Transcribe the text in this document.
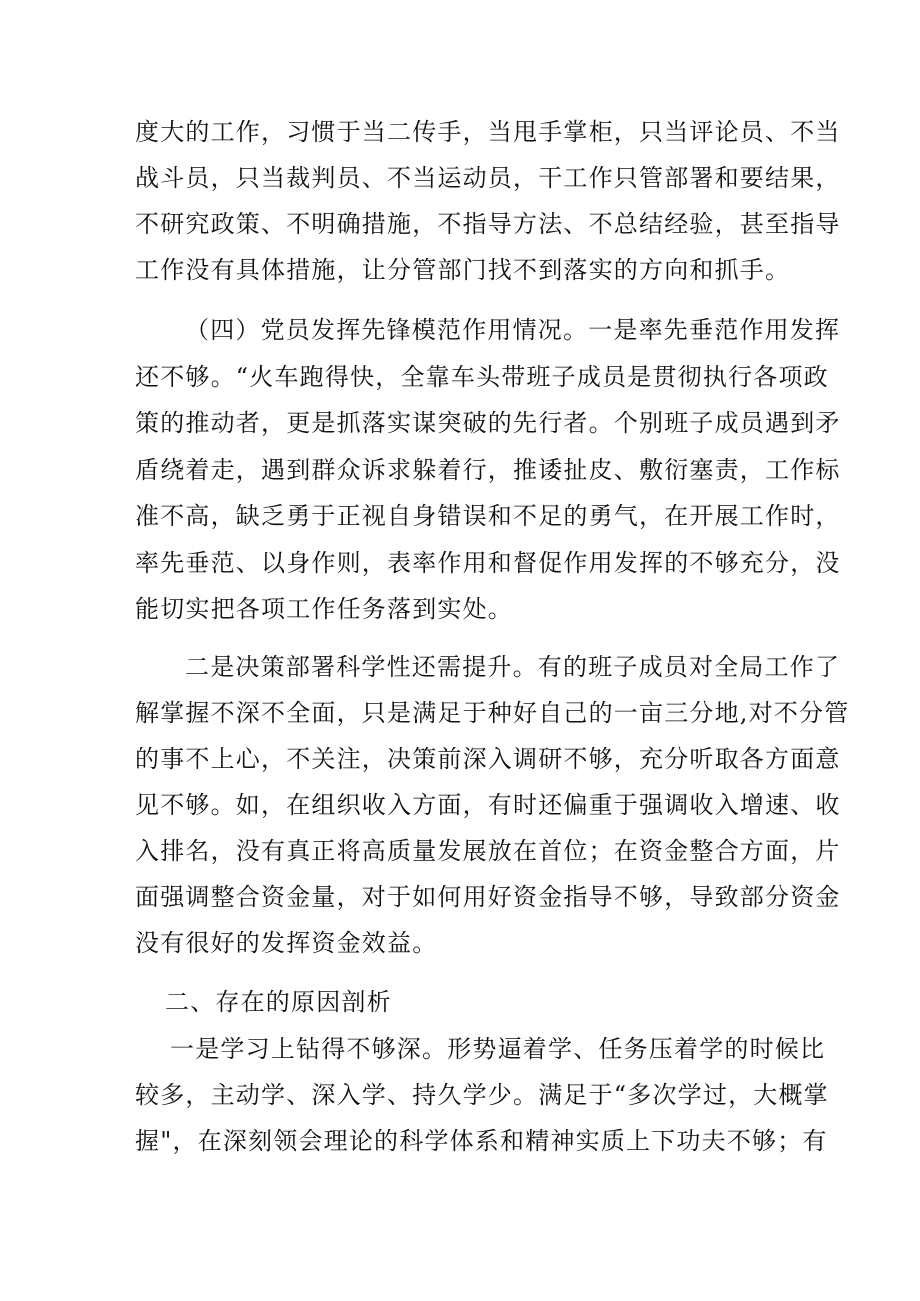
度大的工作，习惯于当二传手，当甩手掌柜，只当评论员、不当
战斗员，只当裁判员、不当运动员，干工作只管部署和要结果，
不研究政策、不明确措施，不指导方法、不总结经验，甚至指导
工作没有具体措施，让分管部门找不到落实的方向和抓手。
（四）党员发挥先锋模范作用情况。一是率先垂范作用发挥
还不够。“火车跑得快，全靠车头带班子成员是贯彻执行各项政
策的推动者，更是抓落实谋突破的先行者。个别班子成员遇到矛
盾绕着走，遇到群众诉求躲着行，推诿扯皮、敷衍塞责，工作标
准不高，缺乏勇于正视自身错误和不足的勇气，在开展工作时，
率先垂范、以身作则，表率作用和督促作用发挥的不够充分，没
能切实把各项工作任务落到实处。
二是决策部署科学性还需提升。有的班子成员对全局工作了
解掌握不深不全面，只是满足于种好自己的一亩三分地,对不分管
的事不上心，不关注，决策前深入调研不够，充分听取各方面意
见不够。如，在组织收入方面，有时还偏重于强调收入增速、收
入排名，没有真正将高质量发展放在首位；在资金整合方面，片
面强调整合资金量，对于如何用好资金指导不够，导致部分资金
没有很好的发挥资金效益。
二、存在的原因剖析
一是学习上钻得不够深。形势逼着学、任务压着学的时候比
较多，主动学、深入学、持久学少。满足于“多次学过，大概掌
握"，在深刻领会理论的科学体系和精神实质上下功夫不够；有
